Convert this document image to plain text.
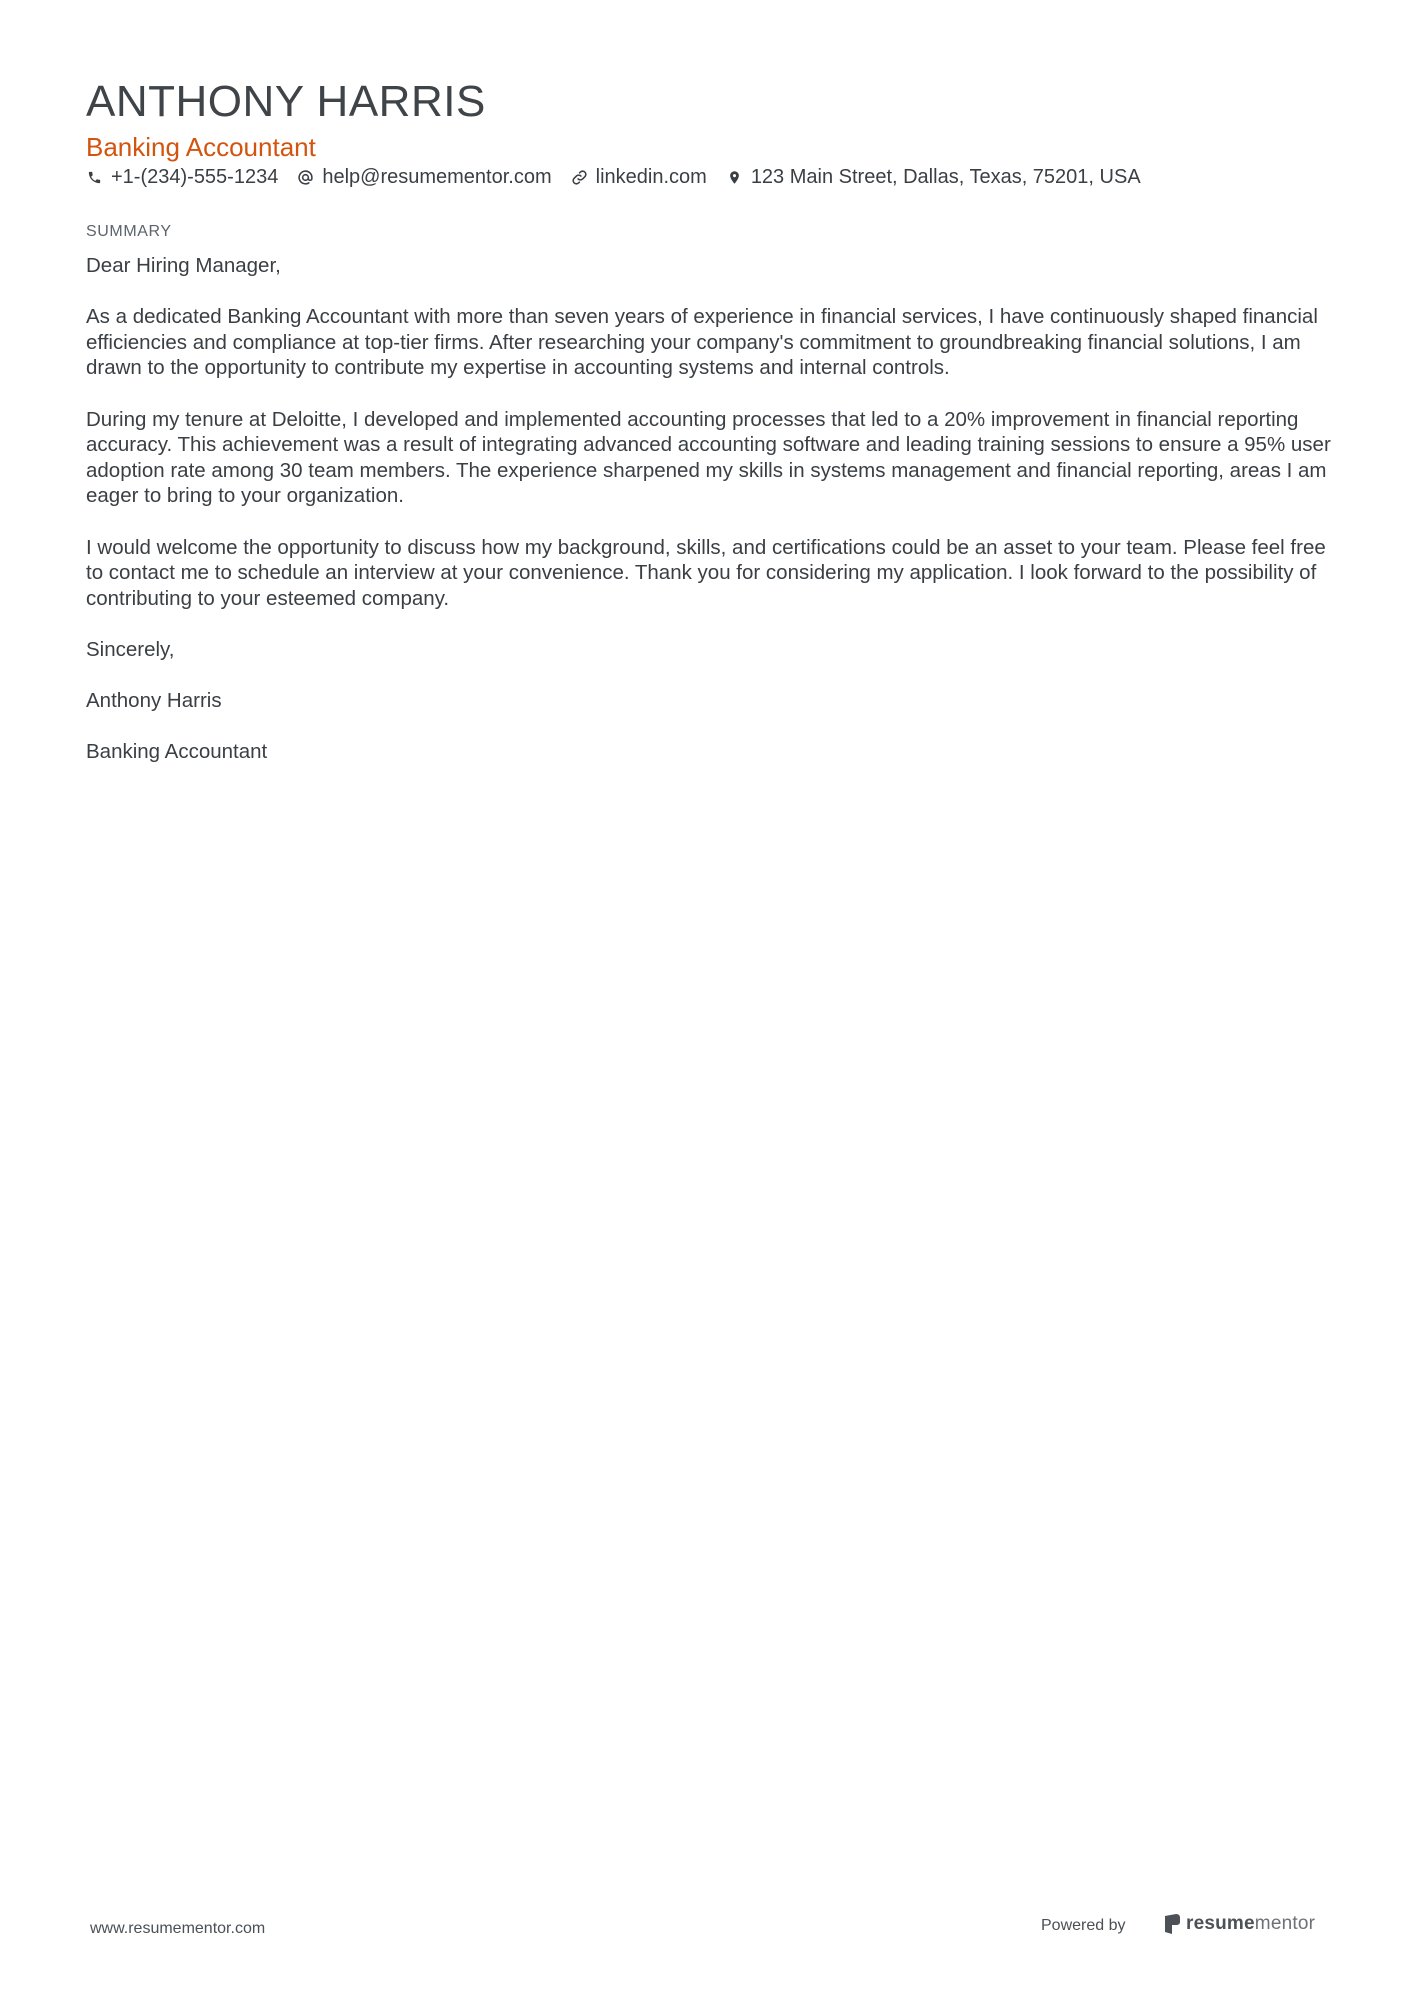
ANTHONY HARRIS
Banking Accountant
+1-(234)-555-1234 help@resumementor.com linkedin.com 123 Main Street, Dallas, Texas, 75201, USA
SUMMARY

Dear Hiring Manager,

As a dedicated Banking Accountant with more than seven years of experience in financial services, I have continuously shaped financial efficiencies and compliance at top-tier firms. After researching your company's commitment to groundbreaking financial solutions, I am drawn to the opportunity to contribute my expertise in accounting systems and internal controls.

During my tenure at Deloitte, I developed and implemented accounting processes that led to a 20% improvement in financial reporting accuracy. This achievement was a result of integrating advanced accounting software and leading training sessions to ensure a 95% user adoption rate among 30 team members. The experience sharpened my skills in systems management and financial reporting, areas I am eager to bring to your organization.

I would welcome the opportunity to discuss how my background, skills, and certifications could be an asset to your team. Please feel free to contact me to schedule an interview at your convenience. Thank you for considering my application. I look forward to the possibility of contributing to your esteemed company.

Sincerely,

Anthony Harris

Banking Accountant

www.resumementor.com	Powered by	resumementor
